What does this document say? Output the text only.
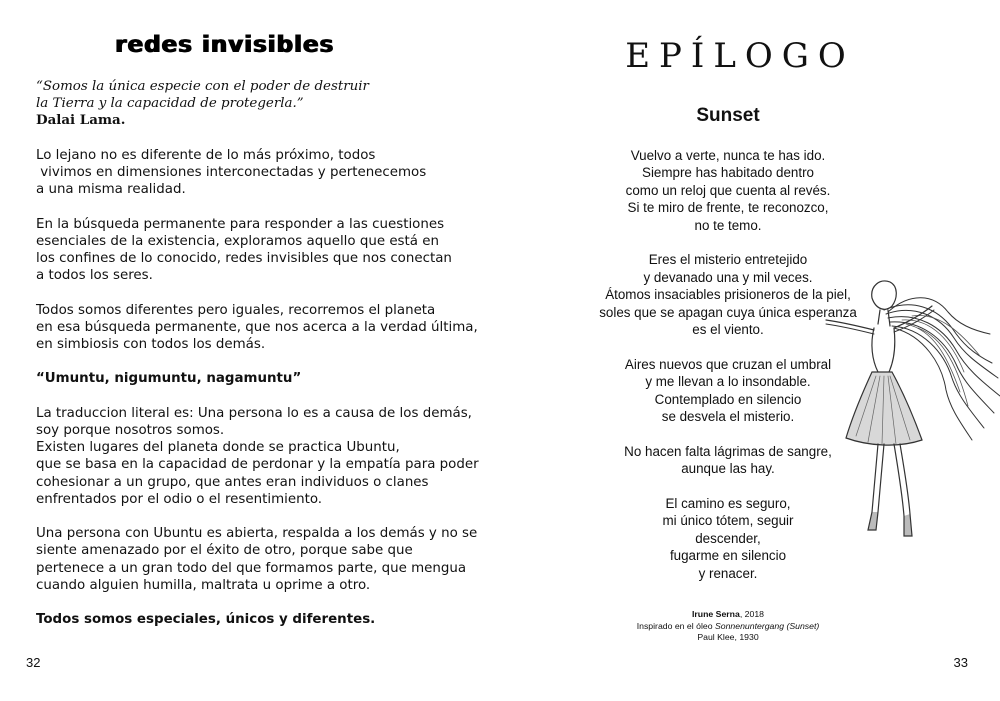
redes invisibles
“Somos la única especie con el poder de destruir
la Tierra y la capacidad de protegerla.”
Dalai Lama.
Lo lejano no es diferente de lo más próximo, todos
vivimos en dimensiones interconectadas y pertenecemos
a una misma realidad.
En la búsqueda permanente para responder a las cuestiones
esenciales de la existencia, exploramos aquello que está en
los confines de lo conocido, redes invisibles que nos conectan
a todos los seres.
Todos somos diferentes pero iguales, recorremos el planeta
en esa búsqueda permanente, que nos acerca a la verdad última,
en simbiosis con todos los demás.
“Umuntu, nigumuntu, nagamuntu”
La traduccion literal es: Una persona lo es a causa de los demás,
soy porque nosotros somos.
Existen lugares del planeta donde se practica Ubuntu,
que se basa en la capacidad de perdonar y la empatía para poder
cohesionar a un grupo, que antes eran individuos o clanes
enfrentados por el odio o el resentimiento.
Una persona con Ubuntu es abierta, respalda a los demás y no se
siente amenazado por el éxito de otro, porque sabe que
pertenece a un gran todo del que formamos parte, que mengua
cuando alguien humilla, maltrata u oprime a otro.
Todos somos especiales, únicos y diferentes.
32
EPÍLOGO
Sunset
Vuelvo a verte, nunca te has ido.
Siempre has habitado dentro
como un reloj que cuenta al revés.
Si te miro de frente, te reconozco,
no te temo.
Eres el misterio entretejido
y devanado una y mil veces.
Átomos insaciables prisioneros de la piel,
soles que se apagan cuya única esperanza
es el viento.
Aires nuevos que cruzan el umbral
y me llevan a lo insondable.
Contemplado en silencio
se desvela el misterio.
No hacen falta lágrimas de sangre,
aunque las hay.
El camino es seguro,
mi único tótem, seguir
descender,
fugarme en silencio
y renacer.
Irune Serna, 2018
Inspirado en el óleo Sonnenuntergang (Sunset)
Paul Klee, 1930
33
